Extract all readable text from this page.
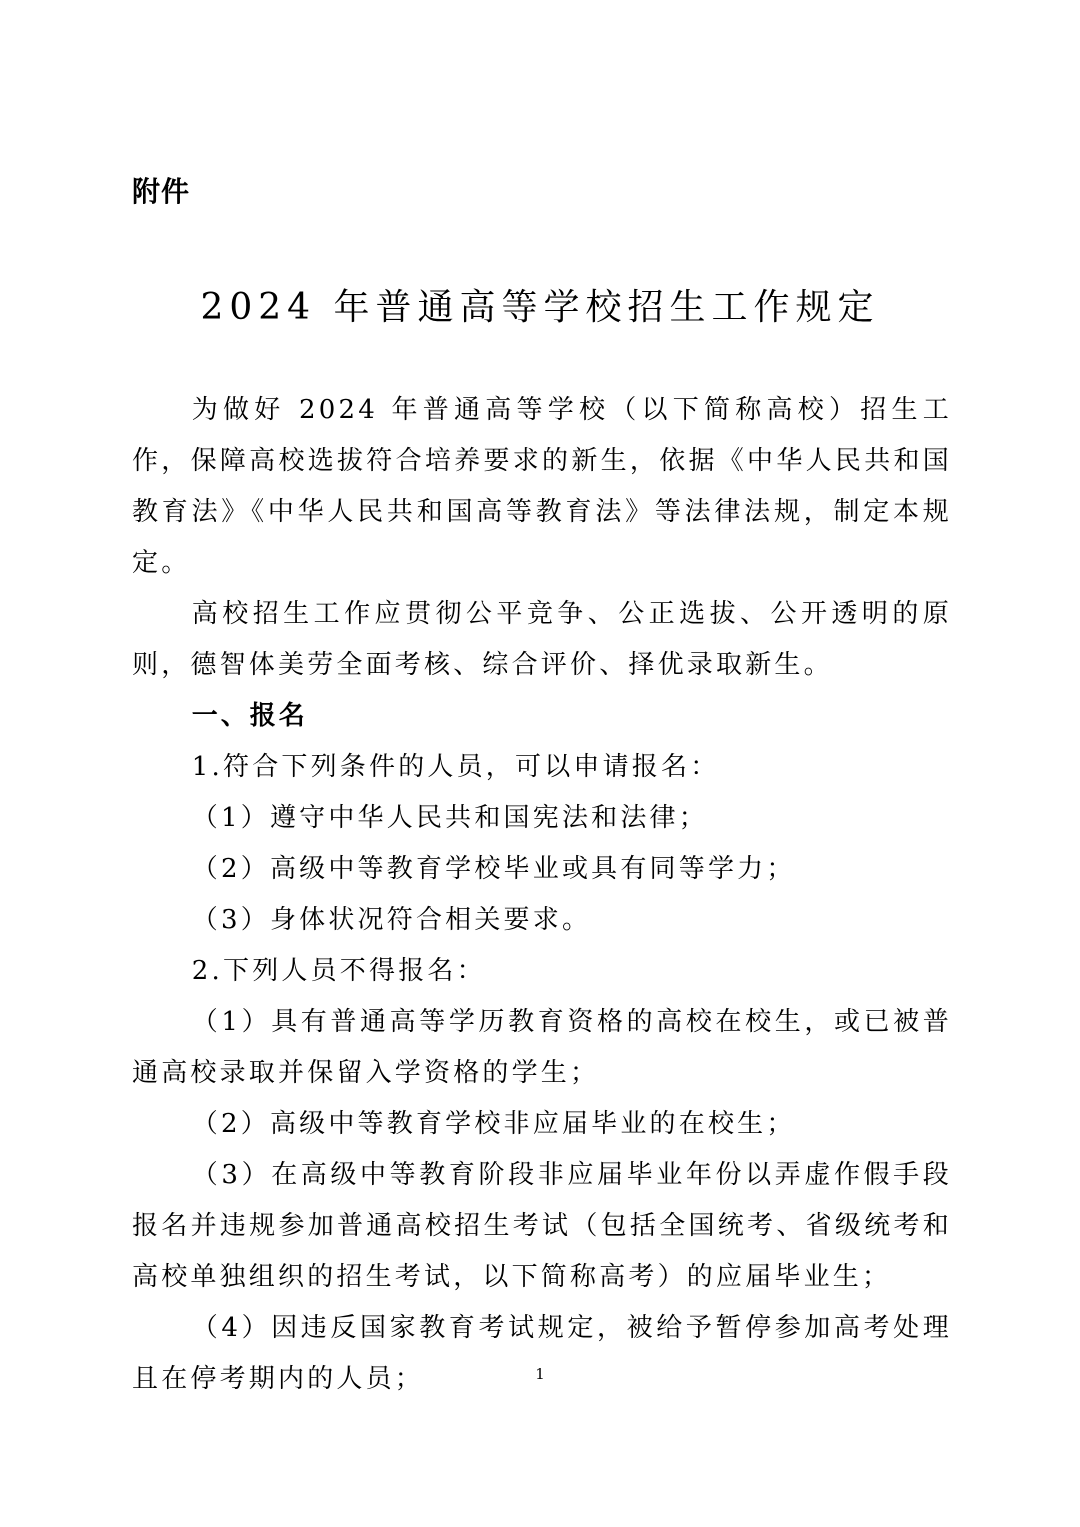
附件
2024 年普通高等学校招生工作规定

为做好 2024 年普通高等学校（以下简称高校）招生工作，保障高校选拔符合培养要求的新生，依据《中华人民共和国教育法》《中华人民共和国高等教育法》等法律法规，制定本规定。

高校招生工作应贯彻公平竞争、公正选拔、公开透明的原则，德智体美劳全面考核、综合评价、择优录取新生。

一、报名

1.符合下列条件的人员，可以申请报名：

（1）遵守中华人民共和国宪法和法律；

（2）高级中等教育学校毕业或具有同等学力；

（3）身体状况符合相关要求。

2.下列人员不得报名：

（1）具有普通高等学历教育资格的高校在校生，或已被普通高校录取并保留入学资格的学生；

（2）高级中等教育学校非应届毕业的在校生；

（3）在高级中等教育阶段非应届毕业年份以弄虚作假手段报名并违规参加普通高校招生考试（包括全国统考、省级统考和高校单独组织的招生考试，以下简称高考）的应届毕业生；

（4）因违反国家教育考试规定，被给予暂停参加高考处理且在停考期内的人员；	1
